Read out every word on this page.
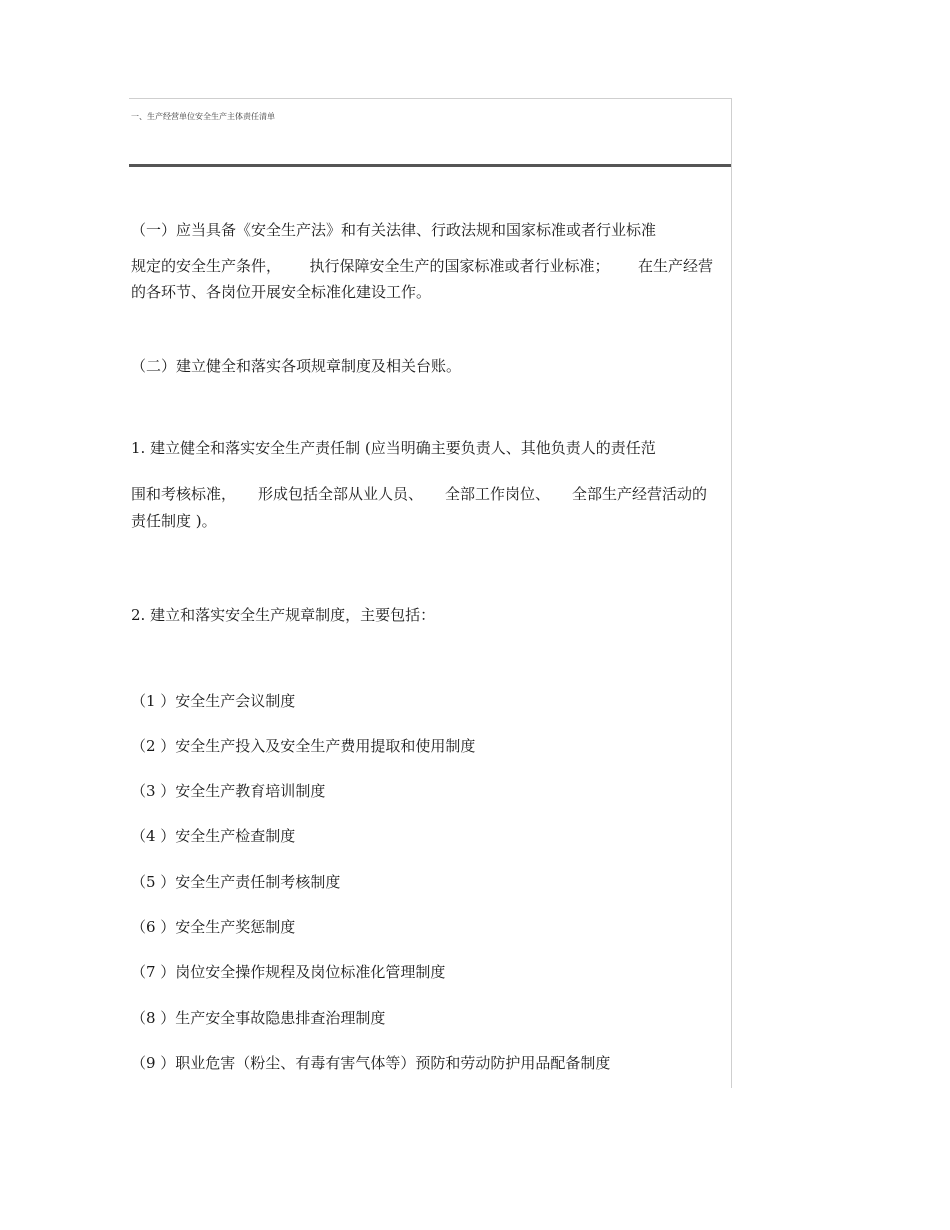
一、生产经营单位安全生产主体责任清单
（一）应当具备《安全生产法》和有关法律、行政法规和国家标准或者行业标准
规定的安全生产条件， 执行保障安全生产的国家标准或者行业标准； 在生产经营
的各环节、各岗位开展安全标准化建设工作。
（二）建立健全和落实各项规章制度及相关台账。
1. 建立健全和落实安全生产责任制 (应当明确主要负责人、其他负责人的责任范
围和考核标准， 形成包括全部从业人员、 全部工作岗位、 全部生产经营活动的
责任制度 )。
2. 建立和落实安全生产规章制度，主要包括：
（1 ）安全生产会议制度
（2 ）安全生产投入及安全生产费用提取和使用制度
（3 ）安全生产教育培训制度
（4 ）安全生产检查制度
（5 ）安全生产责任制考核制度
（6 ）安全生产奖惩制度
（7 ）岗位安全操作规程及岗位标准化管理制度
（8 ）生产安全事故隐患排查治理制度
（9 ）职业危害（粉尘、有毒有害气体等）预防和劳动防护用品配备制度
